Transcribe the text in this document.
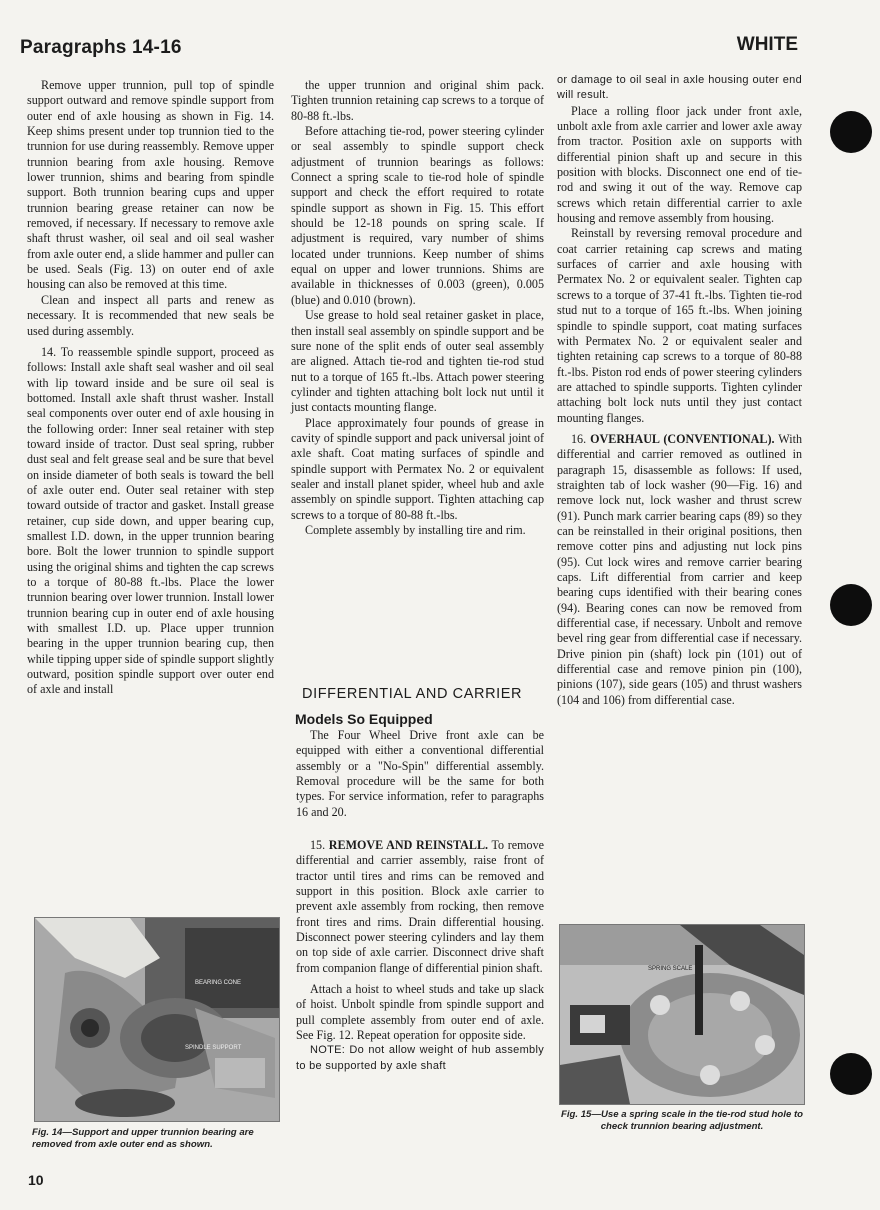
Paragraphs 14-16	WHITE

Remove upper trunnion, pull top of spindle support outward and remove spindle support from outer end of axle housing as shown in Fig. 14. Keep shims present under top trunnion tied to the trunnion for use during reassembly. Remove upper trunnion bearing from axle housing. Remove lower trunnion, shims and bearing from spindle support. Both trunnion bearing cups and upper trunnion bearing grease retainer can now be removed, if necessary. If necessary to remove axle shaft thrust washer, oil seal and oil seal washer from axle outer end, a slide hammer and puller can be used. Seals (Fig. 13) on outer end of axle housing can also be removed at this time.

Clean and inspect all parts and renew as necessary. It is recommended that new seals be used during assembly.

14. To reassemble spindle support, proceed as follows: Install axle shaft seal washer and oil seal with lip toward inside and be sure oil seal is bottomed. Install axle shaft thrust washer. Install seal components over outer end of axle housing in the following order: Inner seal retainer with step toward inside of tractor. Dust seal spring, rubber dust seal and felt grease seal and be sure that bevel on inside diameter of both seals is toward the bell of axle outer end. Outer seal retainer with step toward outside of tractor and gasket. Install grease retainer, cup side down, and upper bearing cup, smallest I.D. down, in the upper trunnion bearing bore. Bolt the lower trunnion to spindle support using the original shims and tighten the cap screws to a torque of 80-88 ft.-lbs. Place the lower trunnion bearing over lower trunnion. Install lower trunnion bearing cup in outer end of axle housing with smallest I.D. up. Place upper trunnion bearing in the upper trunnion bearing cup, then while tipping upper side of spindle support slightly outward, position spindle support over outer end of axle and install

the upper trunnion and original shim pack. Tighten trunnion retaining cap screws to a torque of 80-88 ft.-lbs.

Before attaching tie-rod, power steering cylinder or seal assembly to spindle support check adjustment of trunnion bearings as follows: Connect a spring scale to tie-rod hole of spindle support and check the effort required to rotate spindle support as shown in Fig. 15. This effort should be 12-18 pounds on spring scale. If adjustment is required, vary number of shims located under trunnions. Keep number of shims equal on upper and lower trunnions. Shims are available in thicknesses of 0.003 (green), 0.005 (blue) and 0.010 (brown).

Use grease to hold seal retainer gasket in place, then install seal assembly on spindle support and be sure none of the split ends of outer seal assembly are aligned. Attach tie-rod and tighten tie-rod stud nut to a torque of 165 ft.-lbs. Attach power steering cylinder and tighten attaching bolt lock nut until it just contacts mounting flange.

Place approximately four pounds of grease in cavity of spindle support and pack universal joint of axle shaft. Coat mating surfaces of spindle and spindle support with Permatex No. 2 or equivalent sealer and install planet spider, wheel hub and axle assembly on spindle support. Tighten attaching cap screws to a torque of 80-88 ft.-lbs.

Complete assembly by installing tire and rim.

DIFFERENTIAL AND CARRIER
Models So Equipped

The Four Wheel Drive front axle can be equipped with either a conventional differential assembly or a "No-Spin" differential assembly. Removal procedure will be the same for both types. For service information, refer to paragraphs 16 and 20.

15. REMOVE AND REINSTALL. To remove differential and carrier assembly, raise front of tractor until tires and rims can be removed and support in this position. Block axle carrier to prevent axle assembly from rocking, then remove front tires and rims. Drain differential housing. Disconnect power steering cylinders and lay them on top side of axle carrier. Disconnect drive shaft from companion flange of differential pinion shaft.

Attach a hoist to wheel studs and take up slack of hoist. Unbolt spindle from spindle support and pull complete assembly from outer end of axle. See Fig. 12. Repeat operation for opposite side.

NOTE: Do not allow weight of hub assembly to be supported by axle shaft

or damage to oil seal in axle housing outer end will result.

Place a rolling floor jack under front axle, unbolt axle from axle carrier and lower axle away from tractor. Position axle on supports with differential pinion shaft up and secure in this position with blocks. Disconnect one end of tie-rod and swing it out of the way. Remove cap screws which retain differential carrier to axle housing and remove assembly from housing.

Reinstall by reversing removal procedure and coat carrier retaining cap screws and mating surfaces of carrier and axle housing with Permatex No. 2 or equivalent sealer. Tighten cap screws to a torque of 37-41 ft.-lbs. Tighten tie-rod stud nut to a torque of 165 ft.-lbs. When joining spindle to spindle support, coat mating surfaces with Permatex No. 2 or equivalent sealer and tighten retaining cap screws to a torque of 80-88 ft.-lbs. Piston rod ends of power steering cylinders are attached to spindle supports. Tighten cylinder attaching bolt lock nuts until they just contact mounting flanges.

16. OVERHAUL (CONVENTIONAL). With differential and carrier removed as outlined in paragraph 15, disassemble as follows: If used, straighten tab of lock washer (90—Fig. 16) and remove lock nut, lock washer and thrust screw (91). Punch mark carrier bearing caps (89) so they can be reinstalled in their original positions, then remove cotter pins and adjusting nut lock pins (95). Cut lock wires and remove carrier bearing caps. Lift differential from carrier and keep bearing cups identified with their bearing cones (94). Bearing cones can now be removed from differential case, if necessary. Unbolt and remove bevel ring gear from differential case if necessary. Drive pinion pin (shaft) lock pin (101) out of differential case and remove pinion pin (100), pinions (107), side gears (105) and thrust washers (104 and 106) from differential case.

BEARING CONE
SPINDLE SUPPORT
Fig. 14—Support and upper trunnion bearing are removed from axle outer end as shown.
SPRING SCALE
Fig. 15—Use a spring scale in the tie-rod stud hole to check trunnion bearing adjustment.
10
